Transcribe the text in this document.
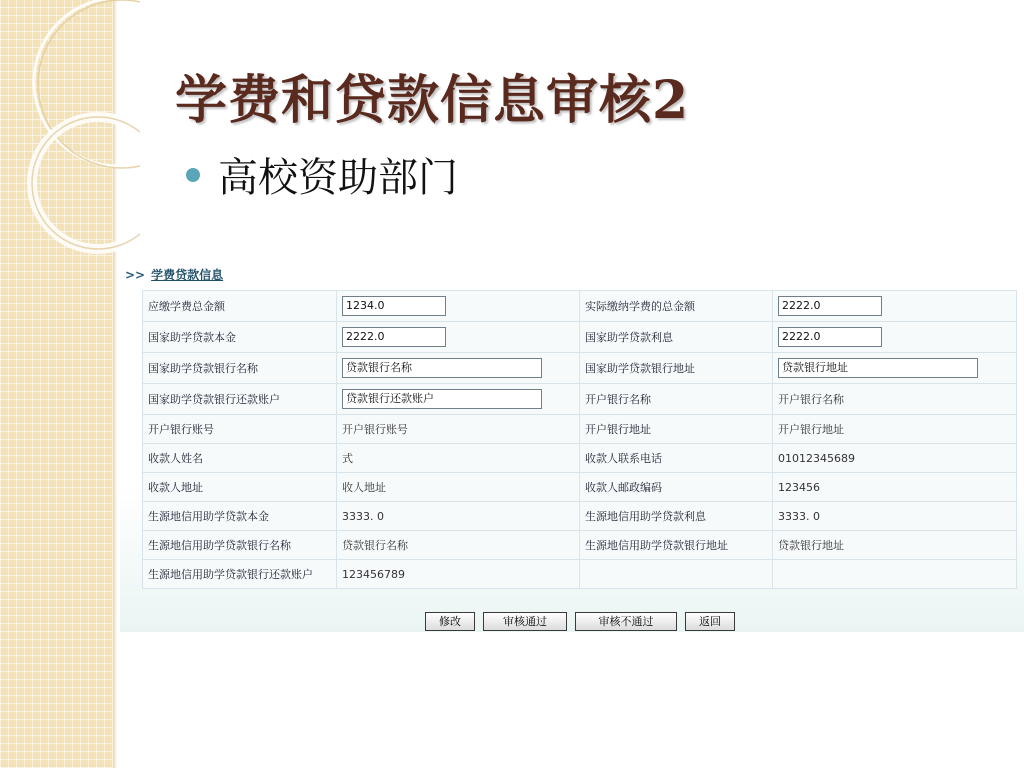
学费和贷款信息审核2
高校资助部门
>> 学费贷款信息
应缴学费总金额	1234.0	实际缴纳学费的总金额	2222.0
国家助学贷款本金	2222.0	国家助学贷款利息	2222.0
国家助学贷款银行名称	贷款银行名称	国家助学贷款银行地址	贷款银行地址
国家助学贷款银行还款账户	贷款银行还款账户	开户银行名称	开户银行名称
开户银行账号	开户银行账号	开户银行地址	开户银行地址
收款人姓名	式	收款人联系电话	01012345689
收款人地址	收人地址	收款人邮政编码	123456
生源地信用助学贷款本金	3333. 0	生源地信用助学贷款利息	3333. 0
生源地信用助学贷款银行名称	贷款银行名称	生源地信用助学贷款银行地址	贷款银行地址
生源地信用助学贷款银行还款账户	123456789		
修改	审核通过	审核不通过	返回
